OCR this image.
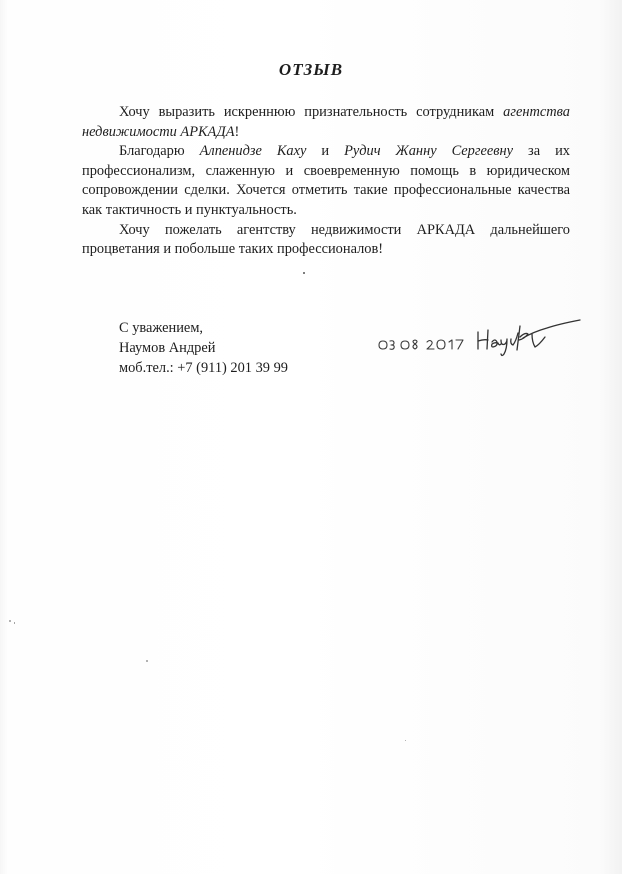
ОТЗЫВ

Хочу выразить искреннюю признательность сотрудникам агентства недвижимости АРКАДА!

Благодарю Алпенидзе Каху и Рудич Жанну Сергеевну за их профессионализм, слаженную и своевременную помощь в юридическом сопровождении сделки. Хочется отметить такие профессиональные качества как тактичность и пунктуальность.

Хочу пожелать агентству недвижимости АРКАДА дальнейшего процветания и побольше таких профессионалов!

С уважением,
Наумов Андрей
моб.тел.: +7 (911) 201 39 99
